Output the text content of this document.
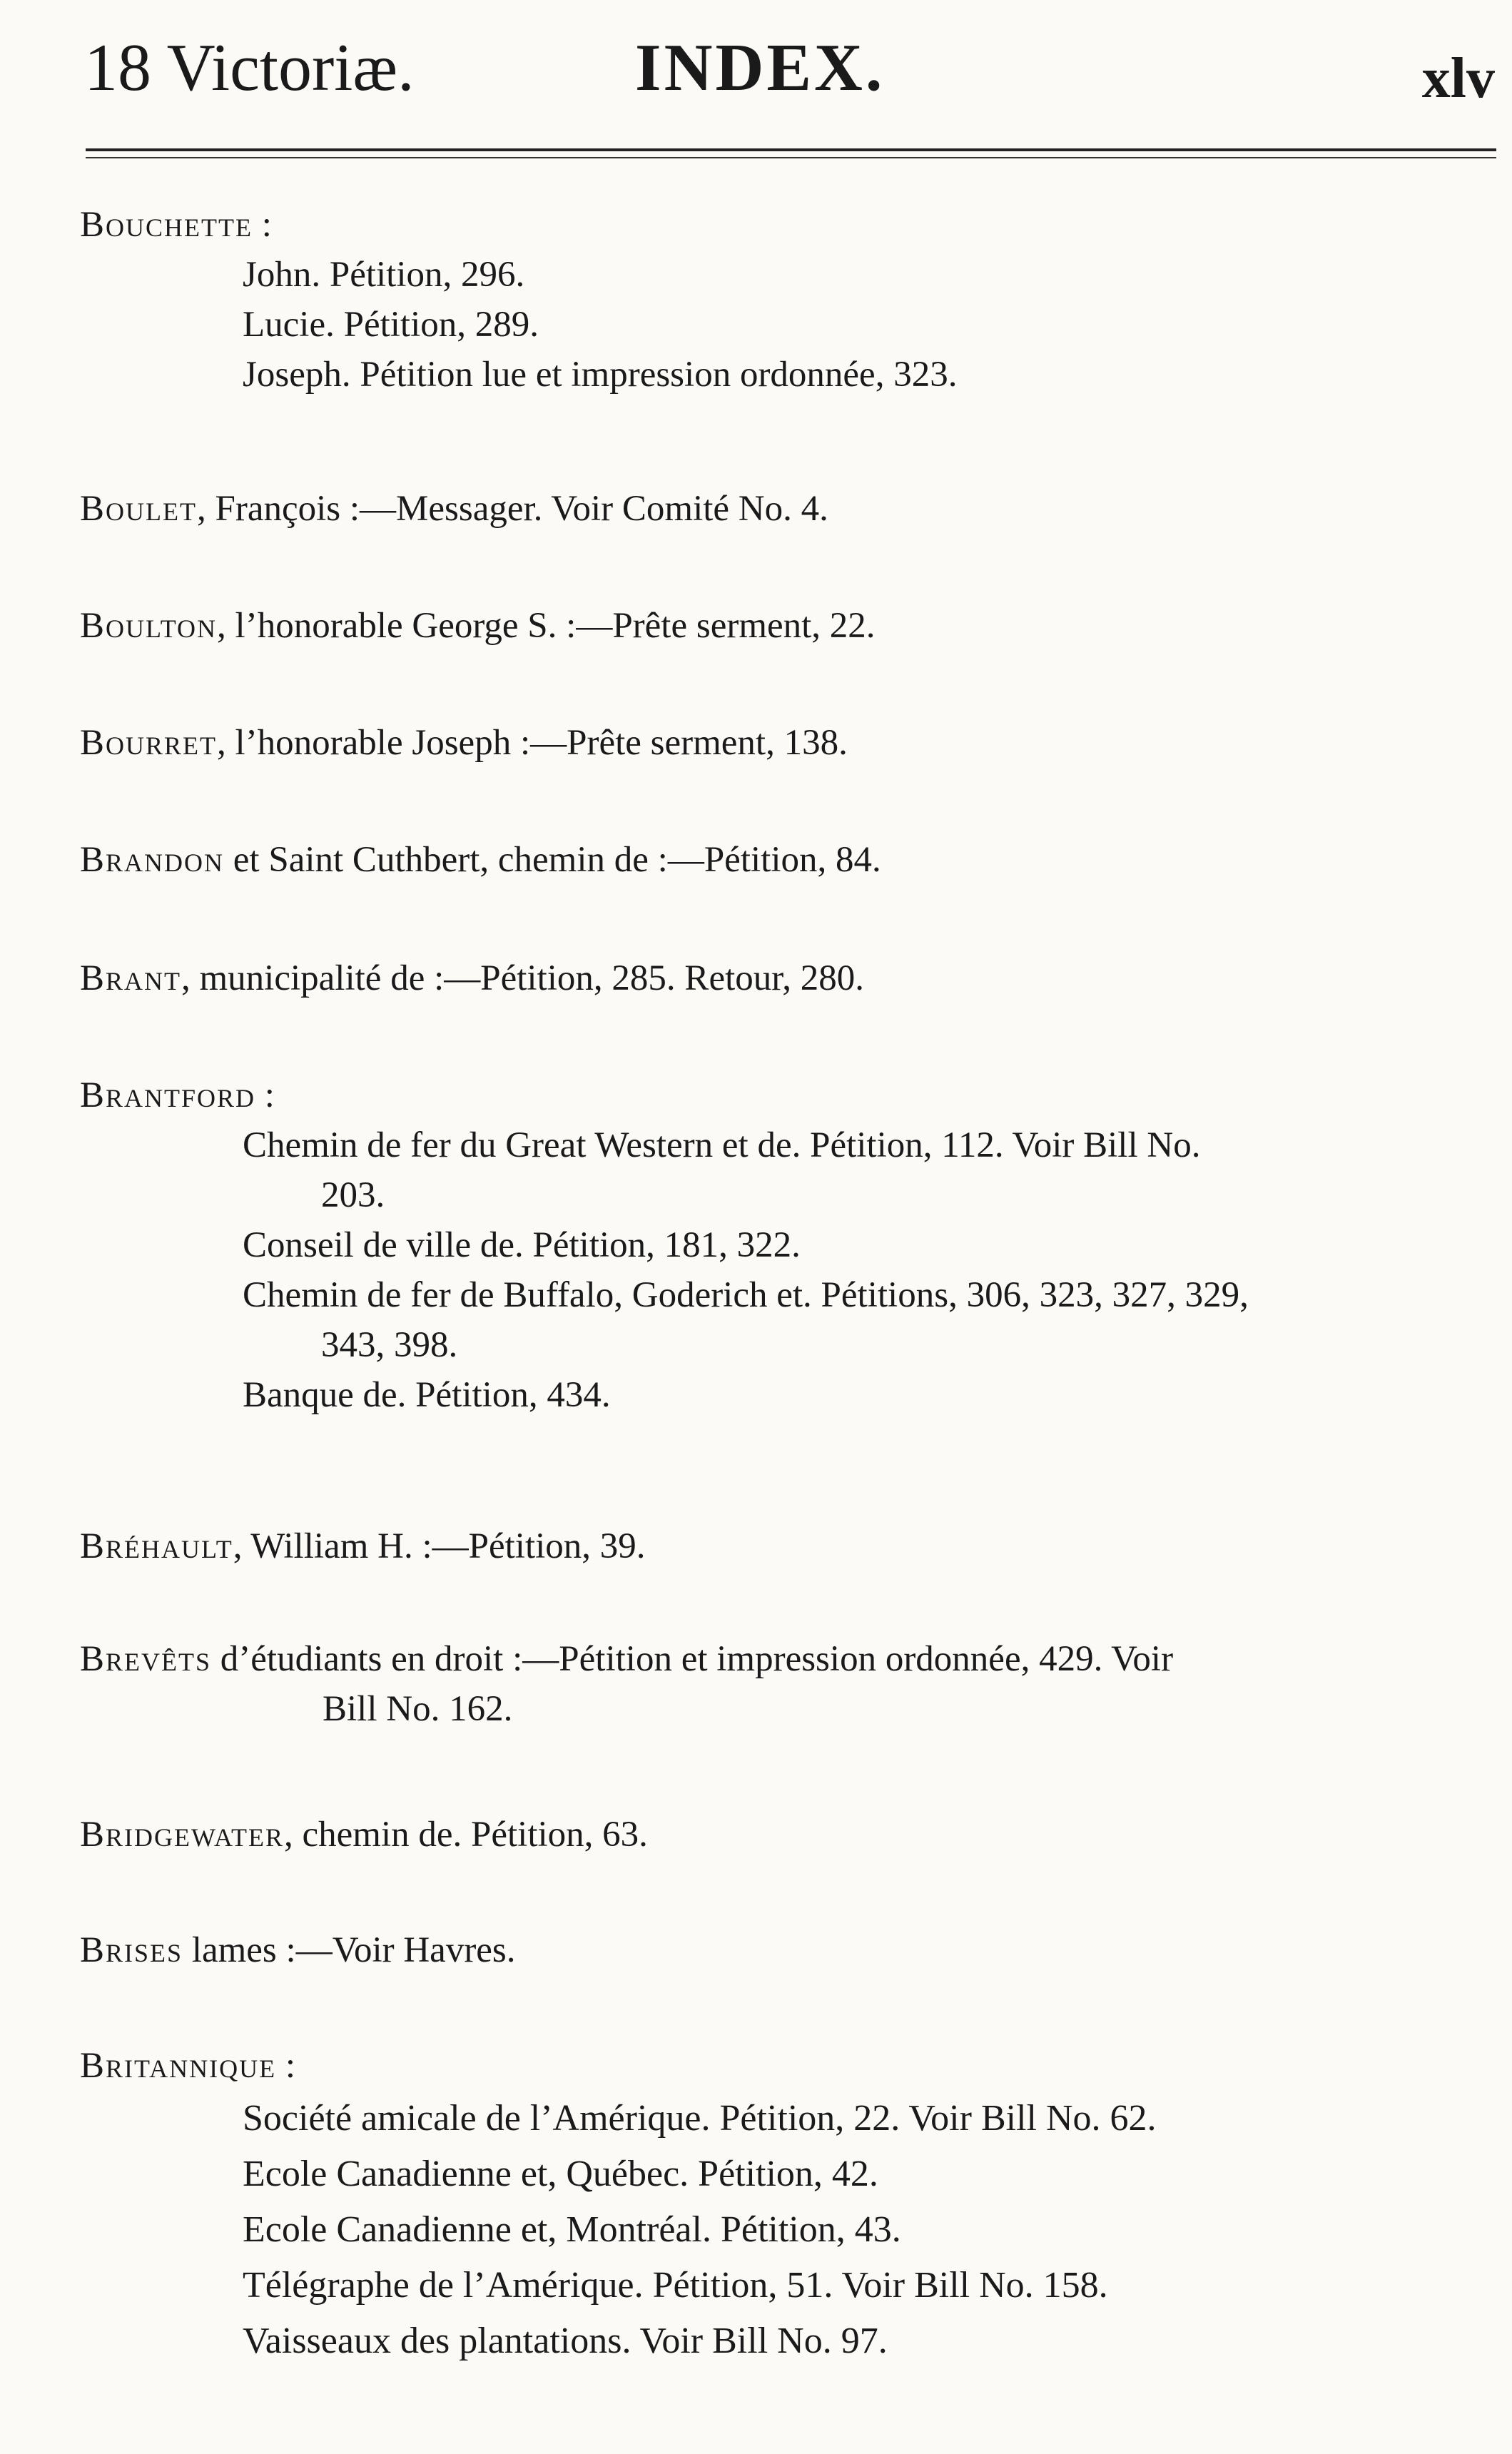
18 Victoriæ.	INDEX.	xlv
Bouchette :
John. Pétition, 296.
Lucie. Pétition, 289.
Joseph. Pétition lue et impression ordonnée, 323.
Boulet, François :—Messager. Voir Comité No. 4.
Boulton, l’honorable George S. :—Prête serment, 22.
Bourret, l’honorable Joseph :—Prête serment, 138.
Brandon et Saint Cuthbert, chemin de :—Pétition, 84.
Brant, municipalité de :—Pétition, 285. Retour, 280.
Brantford :
Chemin de fer du Great Western et de. Pétition, 112. Voir Bill No.
203.
Conseil de ville de. Pétition, 181, 322.
Chemin de fer de Buffalo, Goderich et. Pétitions, 306, 323, 327, 329,
343, 398.
Banque de. Pétition, 434.
Bréhault, William H. :—Pétition, 39.
Brevêts d’étudiants en droit :—Pétition et impression ordonnée, 429. Voir
Bill No. 162.
Bridgewater, chemin de. Pétition, 63.
Brises lames :—Voir Havres.
Britannique :
Société amicale de l’Amérique. Pétition, 22. Voir Bill No. 62.
Ecole Canadienne et, Québec. Pétition, 42.
Ecole Canadienne et, Montréal. Pétition, 43.
Télégraphe de l’Amérique. Pétition, 51. Voir Bill No. 158.
Vaisseaux des plantations. Voir Bill No. 97.
